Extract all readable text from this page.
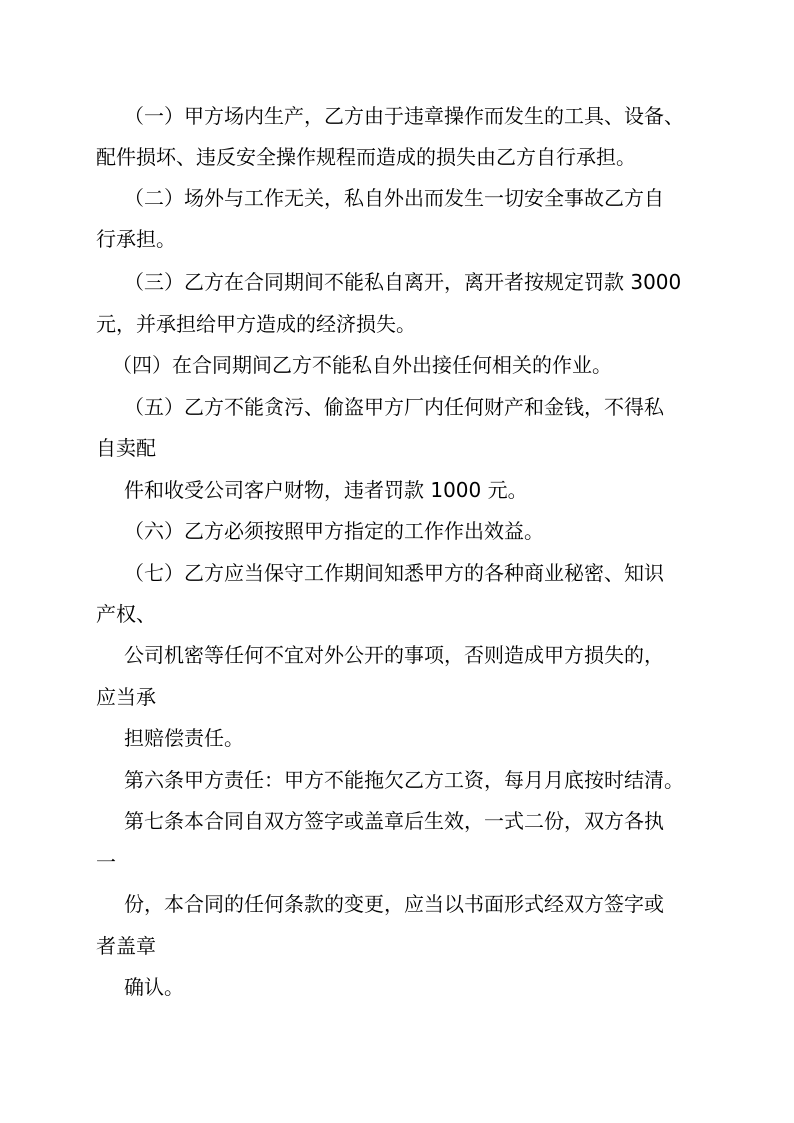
（一）甲方场内生产，乙方由于违章操作而发生的工具、设备、
配件损坏、违反安全操作规程而造成的损失由乙方自行承担。
（二）场外与工作无关，私自外出而发生一切安全事故乙方自
行承担。
（三）乙方在合同期间不能私自离开，离开者按规定罚款 3000
元，并承担给甲方造成的经济损失。
（四）在合同期间乙方不能私自外出接任何相关的作业。
（五）乙方不能贪污、偷盗甲方厂内任何财产和金钱，不得私
自卖配
件和收受公司客户财物，违者罚款 1000 元。
（六）乙方必须按照甲方指定的工作作出效益。
（七）乙方应当保守工作期间知悉甲方的各种商业秘密、知识
产权、
公司机密等任何不宜对外公开的事项，否则造成甲方损失的，
应当承
担赔偿责任。
第六条甲方责任：甲方不能拖欠乙方工资，每月月底按时结清。
第七条本合同自双方签字或盖章后生效，一式二份，双方各执
一
份，本合同的任何条款的变更，应当以书面形式经双方签字或
者盖章
确认。
